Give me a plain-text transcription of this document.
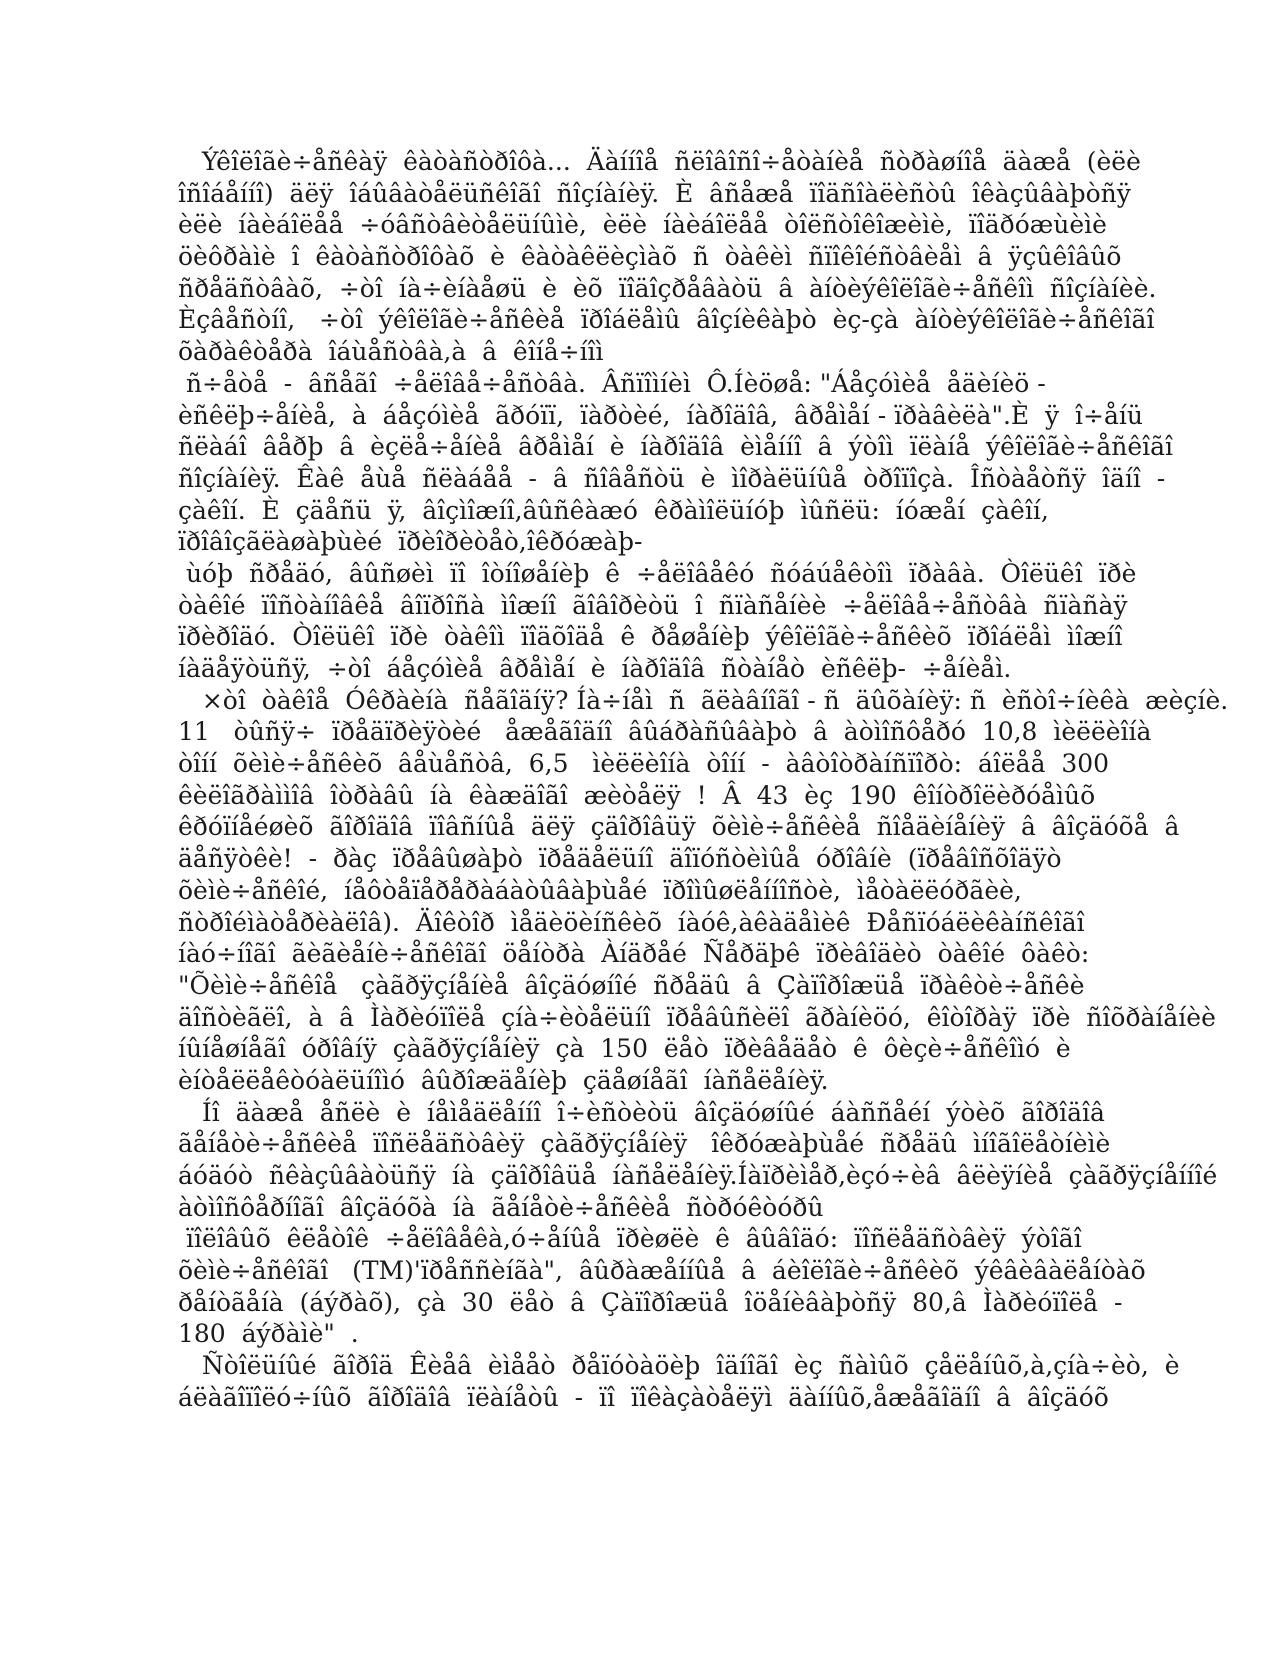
Ýêîëîãè÷åñêàÿ  êàòàñòðîôà...  Äàííîå  ñëîâîñî÷åòàíèå  ñòðàøíîå  äàæå  (èëè
îñîáåííî)  äëÿ  îáûâàòåëüñêîãî  ñîçíàíèÿ.  È  âñåæå  ïîäñîàëèñòû  îêàçûâàþòñÿ
èëè  íàèáîëåå  ÷óâñòâèòåëüíûìè,  èëè  íàèáîëåå  òîëñòîêîæèìè,  ïîäðóæùèìè
öèôðàìè  î  êàòàñòðîôàõ  è  êàòàêëèçìàõ  ñ  òàêèì  ñïîêîéñòâèåì  â  ÿçûêîâûõ
ñðåäñòâàõ,  ÷òî  íà÷èíàåøü  è  èõ  ïîäîçðåâàòü  â  àíòèýêîëîãè÷åñêîì  ñîçíàíèè.
Èçâåñòíî,   ÷òî  ýêîëîãè÷åñêèå  ïðîáëåìû  âîçíèêàþò  èç-çà  àíòèýêîëîãè÷åñêîãî
õàðàêòåðà  îáùåñòâà,à  â  êîíå÷íîì
ñ÷åòå  -  âñåãî  ÷åëîâå÷åñòâà.  Âñïîìíèì  Ô.Íèöøå: "Áåçóìèå  åäèíèö -
èñêëþ÷åíèå,  à  áåçóìèå  ãðóïï,  ïàðòèé,  íàðîäîâ,  âðåìåí - ïðàâèëà".È  ÿ  î÷åíü
ñëàáî  âåðþ  â  èçëå÷åíèå  âðåìåí  è  íàðîäîâ  èìåííî  â  ýòîì  ïëàíå  ýêîëîãè÷åñêîãî
ñîçíàíèÿ.  Êàê  åùå  ñëàáåå  -  â  ñîâåñòü  è  ìîðàëüíûå  òðîïîçà.  Îñòàåòñÿ  îäíî  -
çàêîí.  È  çäåñü  ÿ,  âîçìîæíî,âûñêàæó  êðàìîëüíóþ  ìûñëü:  íóæåí  çàêîí,
ïðîâîçãëàøàþùèé  ïðèîðèòåò,îêðóæàþ-
ùóþ  ñðåäó,  âûñøèì  ïî  îòíîøåíèþ  ê  ÷åëîâåêó  ñóáúåêòîì  ïðàâà.  Òîëüêî  ïðè
òàêîé  ïîñòàíîâêå  âîïðîñà  ìîæíî  ãîâîðèòü  î  ñïàñåíèè  ÷åëîâå÷åñòâà  ñïàñàÿ
ïðèðîäó.  Òîëüêî  ïðè  òàêîì  ïîäõîäå  ê  ðåøåíèþ  ýêîëîãè÷åñêèõ  ïðîáëåì  ìîæíî
íàäåÿòüñÿ,  ÷òî  áåçóìèå  âðåìåí  è  íàðîäîâ  ñòàíåò  èñêëþ-  ÷åíèåì.
×òî  òàêîå  Óêðàèíà  ñåãîäíÿ? Íà÷íåì  ñ  ãëàâíîãî - ñ  äûõàíèÿ: ñ  èñòî÷íèêà  æèçíè.
11   òûñÿ÷  ïðåäïðèÿòèé   åæåãîäíî  âûáðàñûâàþò  â  àòìîñôåðó  10,8  ìèëëèîíà
òîíí  õèìè÷åñêèõ  âåùåñòâ,  6,5   ìèëëèîíà  òîíí  -  àâòîòðàíñïîðò:  áîëåå  300
êèëîãðàììîâ  îòðàâû  íà  êàæäîãî  æèòåëÿ  !  Â  43  èç  190  êîíòðîëèðóåìûõ
êðóïíåéøèõ  ãîðîäîâ  ïîâñíûå  äëÿ  çäîðîâüÿ  õèìè÷åñêèå  ñîåäèíåíèÿ  â  âîçäóõå  â
äåñÿòêè!  -  ðàç  ïðåâûøàþò  ïðåäåëüíî  äîïóñòèìûå  óðîâíè  (ïðåâîñõîäÿò
õèìè÷åñêîé,  íåôòåïåðåðàáàòûâàþùåé  ïðîìûøëåííîñòè,  ìåòàëëóðãèè,
ñòðîéìàòåðèàëîâ).  Äîêòîð  ìåäèöèíñêèõ  íàóê,àêàäåìèê  Ðåñïóáëèêàíñêîãî
íàó÷íîãî  ãèãèåíè÷åñêîãî  öåíòðà  Àíäðåé  Ñåðäþê  ïðèâîäèò  òàêîé  ôàêò:
"Õèìè÷åñêîå   çàãðÿçíåíèå  âîçäóøíîé  ñðåäû  â  Çàïîðîæüå  ïðàêòè÷åñêè
äîñòèãëî,  à  â  Ìàðèóïîëå  çíà÷èòåëüíî  ïðåâûñèëî  ãðàíèöó,  êîòîðàÿ  ïðè  ñîõðàíåíèè
íûíåøíåãî  óðîâíÿ  çàãðÿçíåíèÿ  çà  150  ëåò  ïðèâåäåò  ê  ôèçè÷åñêîìó  è
èíòåëëåêòóàëüíîìó  âûðîæäåíèþ  çäåøíåãî  íàñåëåíèÿ.
Íî  äàæå  åñëè  è  íåìåäëåííî  î÷èñòèòü  âîçäóøíûé  áàññåéí  ýòèõ  ãîðîäîâ
ãåíåòè÷åñêèå  ïîñëåäñòâèÿ  çàãðÿçíåíèÿ   îêðóæàþùåé  ñðåäû  ìíîãîëåòíèìè
áóäóò  ñêàçûâàòüñÿ  íà  çäîðîâüå  íàñåëåíèÿ.Íàïðèìåð,èçó÷èâ  âëèÿíèå  çàãðÿçíåííîé
àòìîñôåðíîãî  âîçäóõà  íà  ãåíåòè÷åñêèå  ñòðóêòóðû
ïîëîâûõ  êëåòîê  ÷åëîâåêà,ó÷åíûå  ïðèøëè  ê  âûâîäó:  ïîñëåäñòâèÿ  ýòîãî
õèìè÷åñêîãî   (TM)'ïðåññèíãà",  âûðàæåííûå  â  áèîëîãè÷åñêèõ  ýêâèâàëåíòàõ
ðåíòãåíà  (áýðàõ),  çà  30  ëåò  â  Çàïîðîæüå  îöåíèâàþòñÿ  80,â  Ìàðèóïîëå  -
180  áýðàìè"  .
Ñòîëüíûé  ãîðîä  Êèåâ  èìååò  ðåïóòàöèþ  îäíîãî  èç  ñàìûõ  çåëåíûõ,à,çíà÷èò,  è
áëàãîïîëó÷íûõ  ãîðîäîâ  ïëàíåòû  -  ïî  ïîêàçàòåëÿì  äàííûõ,åæåãîäíî  â  âîçäóõ
